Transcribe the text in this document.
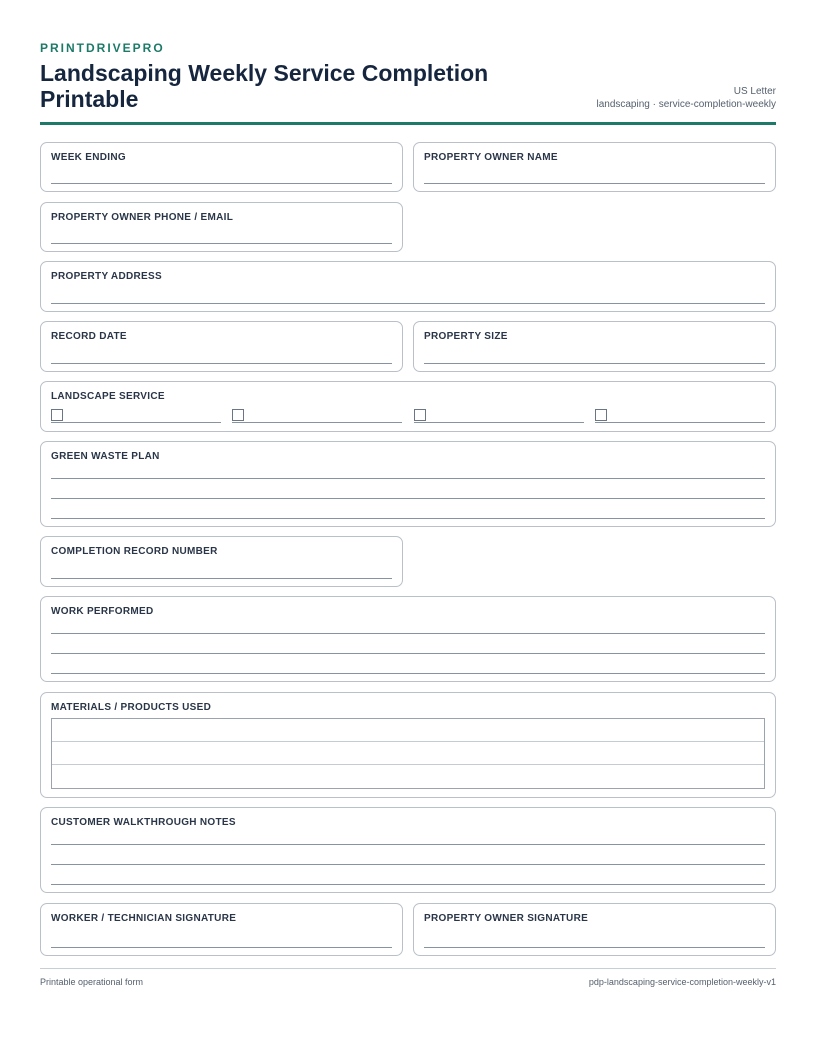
PRINTDRIVEPRO
Landscaping Weekly Service Completion Printable	US Letter
landscaping · service-completion-weekly
WEEK ENDING	PROPERTY OWNER NAME
PROPERTY OWNER PHONE / EMAIL
PROPERTY ADDRESS
RECORD DATE	PROPERTY SIZE
LANDSCAPE SERVICE
GREEN WASTE PLAN
COMPLETION RECORD NUMBER
WORK PERFORMED
MATERIALS / PRODUCTS USED
CUSTOMER WALKTHROUGH NOTES
WORKER / TECHNICIAN SIGNATURE	PROPERTY OWNER SIGNATURE
Printable operational form	pdp-landscaping-service-completion-weekly-v1
